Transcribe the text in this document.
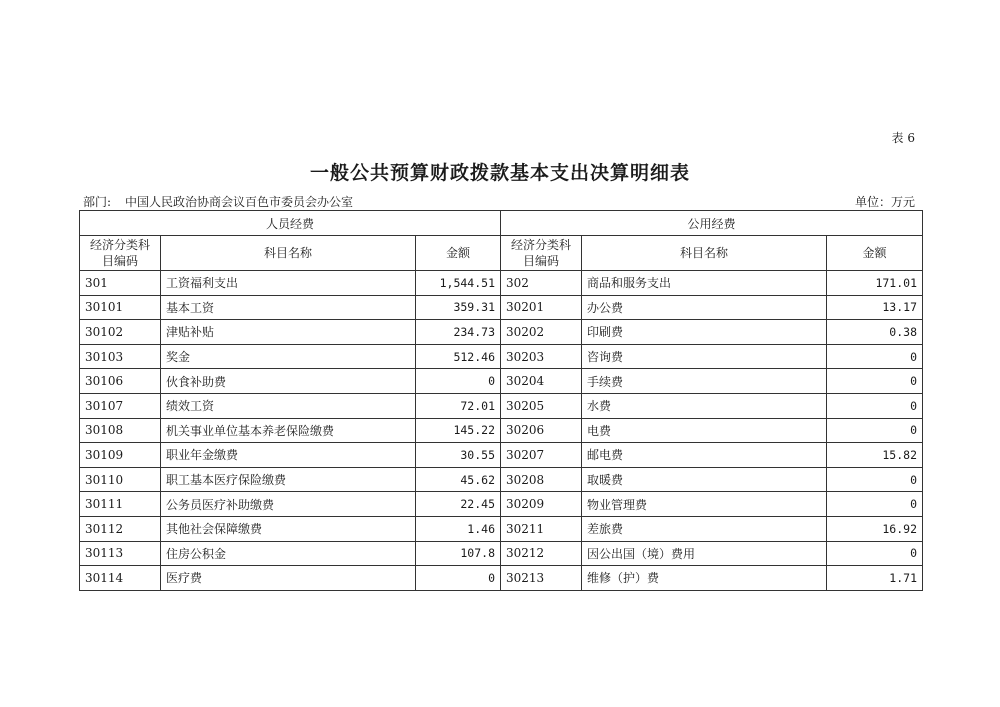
表 6
一般公共预算财政拨款基本支出决算明细表
部门: 中国人民政治协商会议百色市委员会办公室	单位：万元
人员经费			公用经费		
经济分类科目编码	科目名称	金额	经济分类科目编码	科目名称	金额
301	工资福利支出	1,544.51	302	商品和服务支出	171.01
30101	基本工资	359.31	30201	办公费	13.17
30102	津贴补贴	234.73	30202	印刷费	0.38
30103	奖金	512.46	30203	咨询费	0
30106	伙食补助费	0	30204	手续费	0
30107	绩效工资	72.01	30205	水费	0
30108	机关事业单位基本养老保险缴费	145.22	30206	电费	0
30109	职业年金缴费	30.55	30207	邮电费	15.82
30110	职工基本医疗保险缴费	45.62	30208	取暖费	0
30111	公务员医疗补助缴费	22.45	30209	物业管理费	0
30112	其他社会保障缴费	1.46	30211	差旅费	16.92
30113	住房公积金	107.8	30212	因公出国（境）费用	0
30114	医疗费	0	30213	维修（护）费	1.71
